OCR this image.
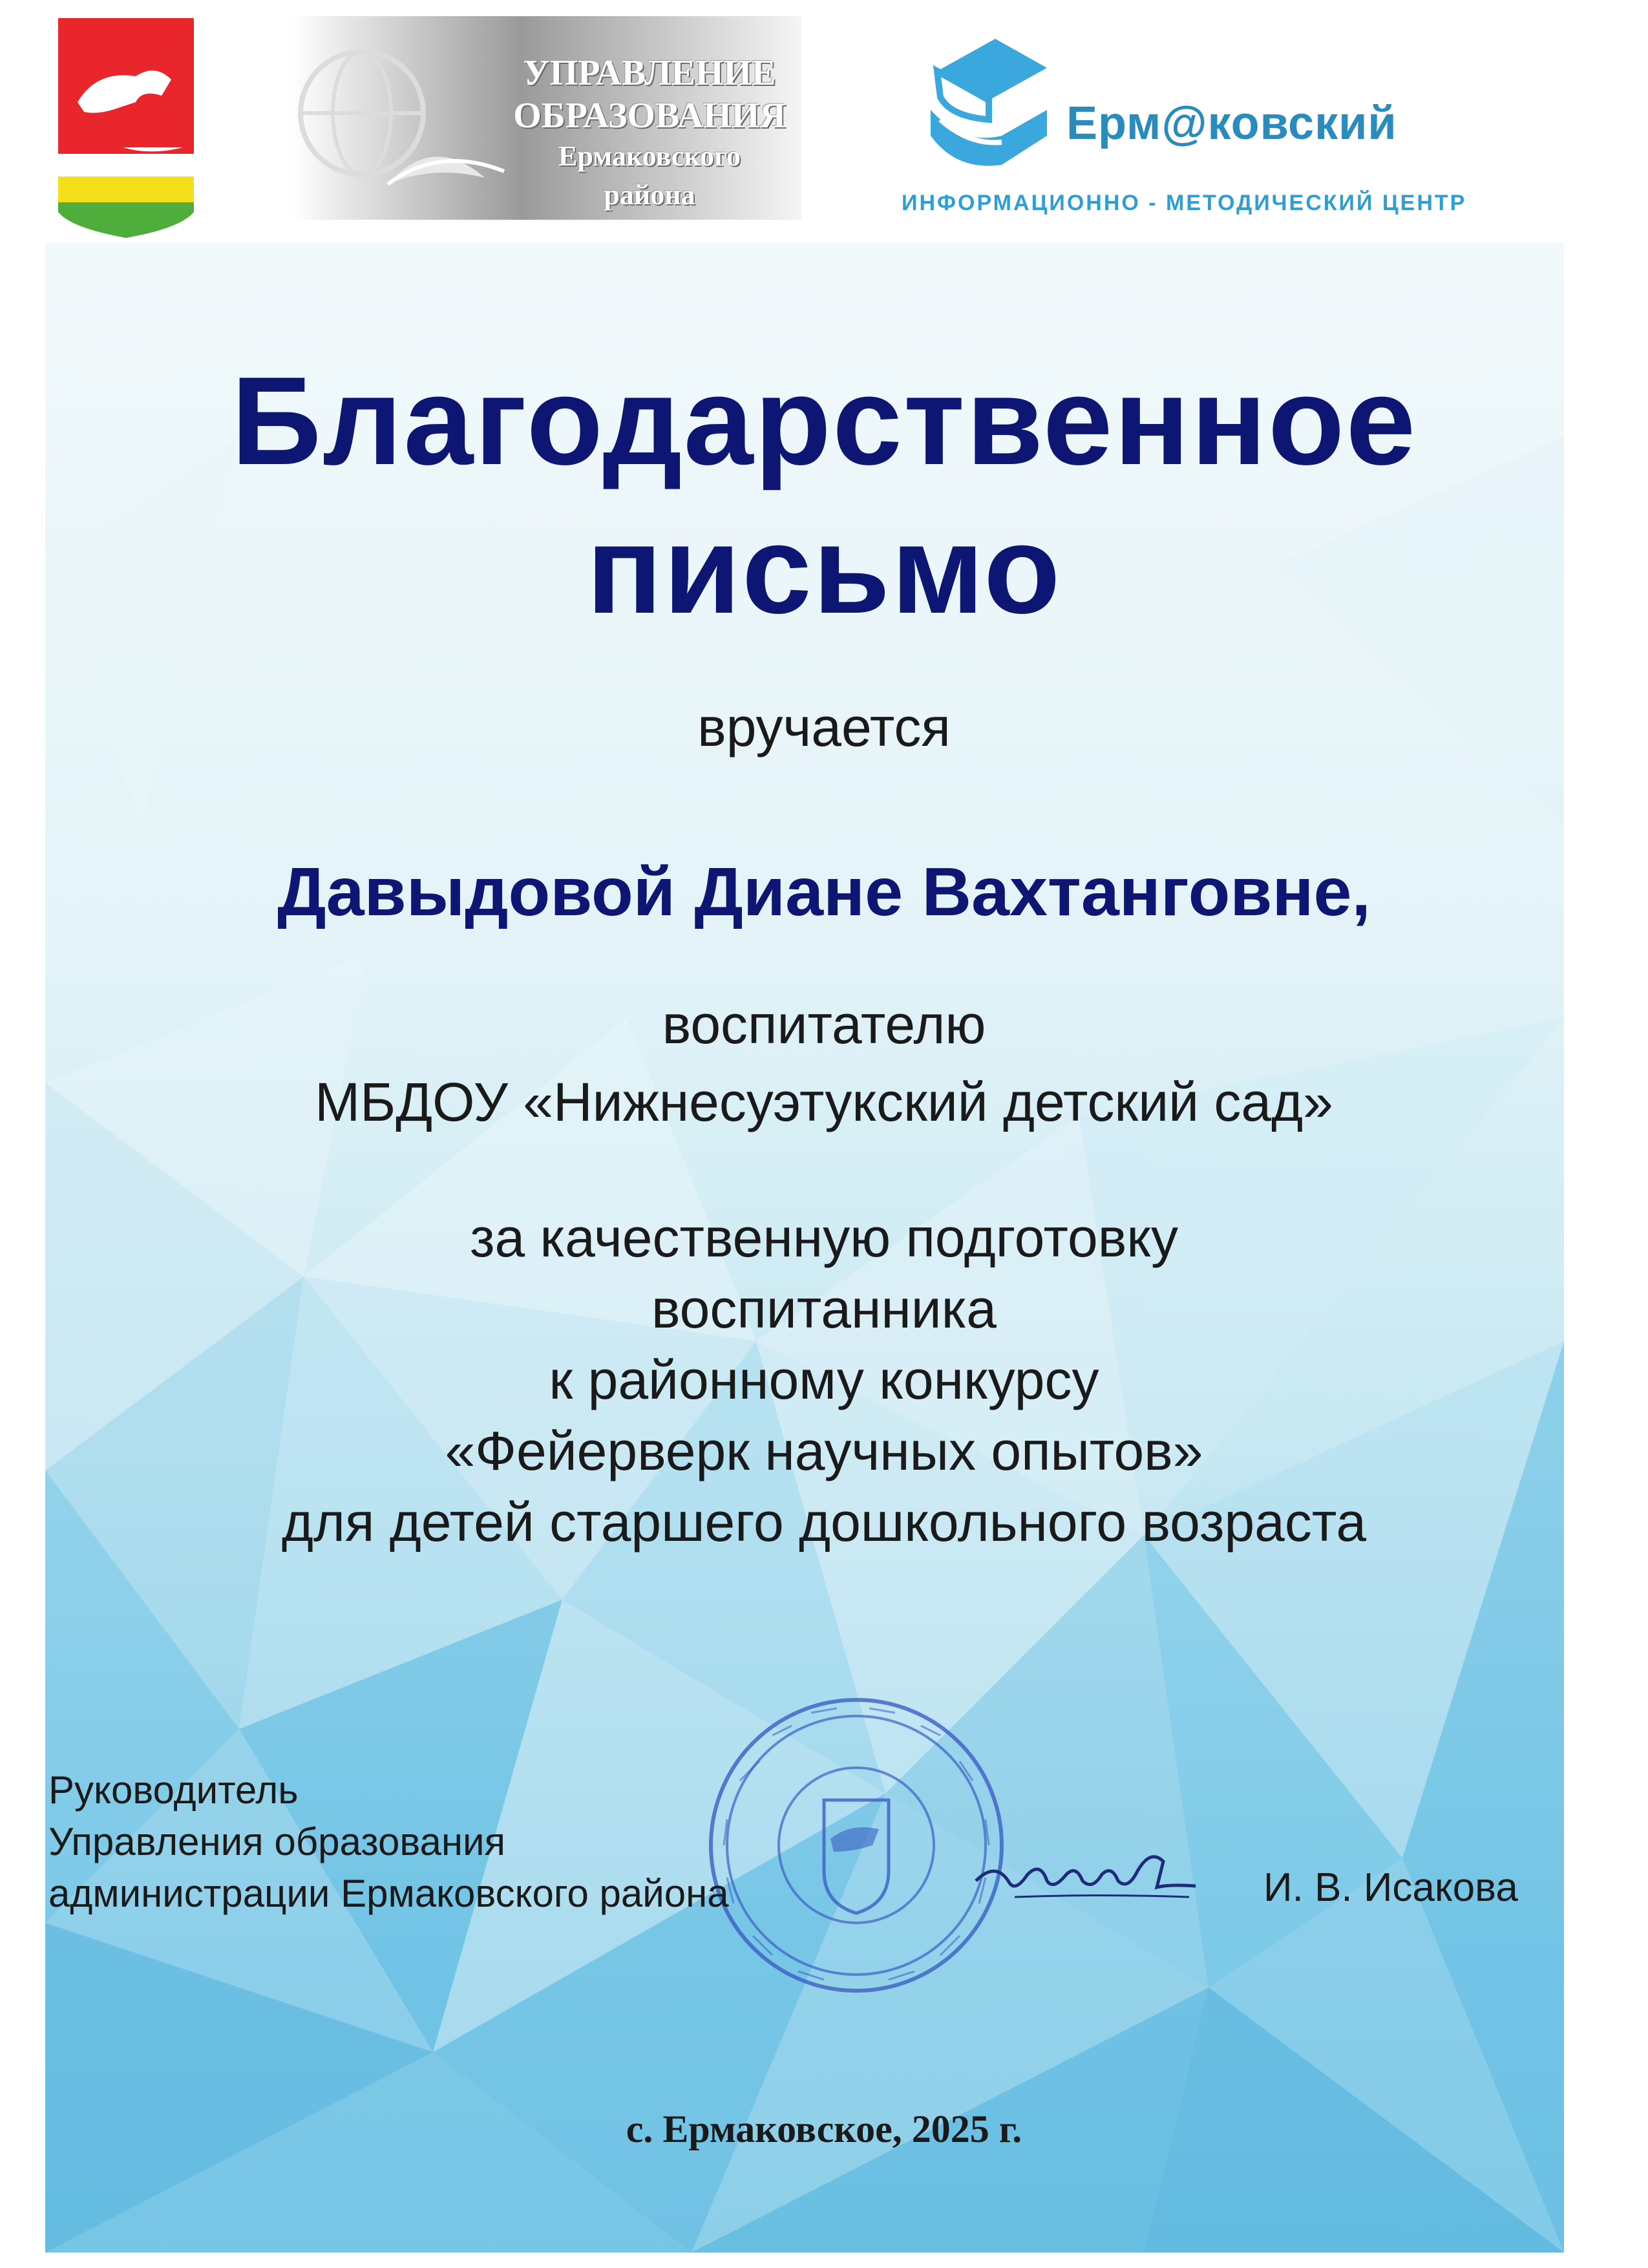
УПРАВЛЕНИЕ
ОБРАЗОВАНИЯ
Ермаковского района
Ерм@ковский
ИНФОРМАЦИОННО - МЕТОДИЧЕСКИЙ ЦЕНТР
Благодарственное
письмо
вручается
Давыдовой Диане Вахтанговне,
воспитателю
МБДОУ «Нижнесуэтукский детский сад»
за качественную подготовку
воспитанника
к районному конкурсу
«Фейерверк научных опытов»
для детей старшего дошкольного возраста
Руководитель
Управления образования
администрации Ермаковского района	И. В. Исакова
с. Ермаковское, 2025 г.
